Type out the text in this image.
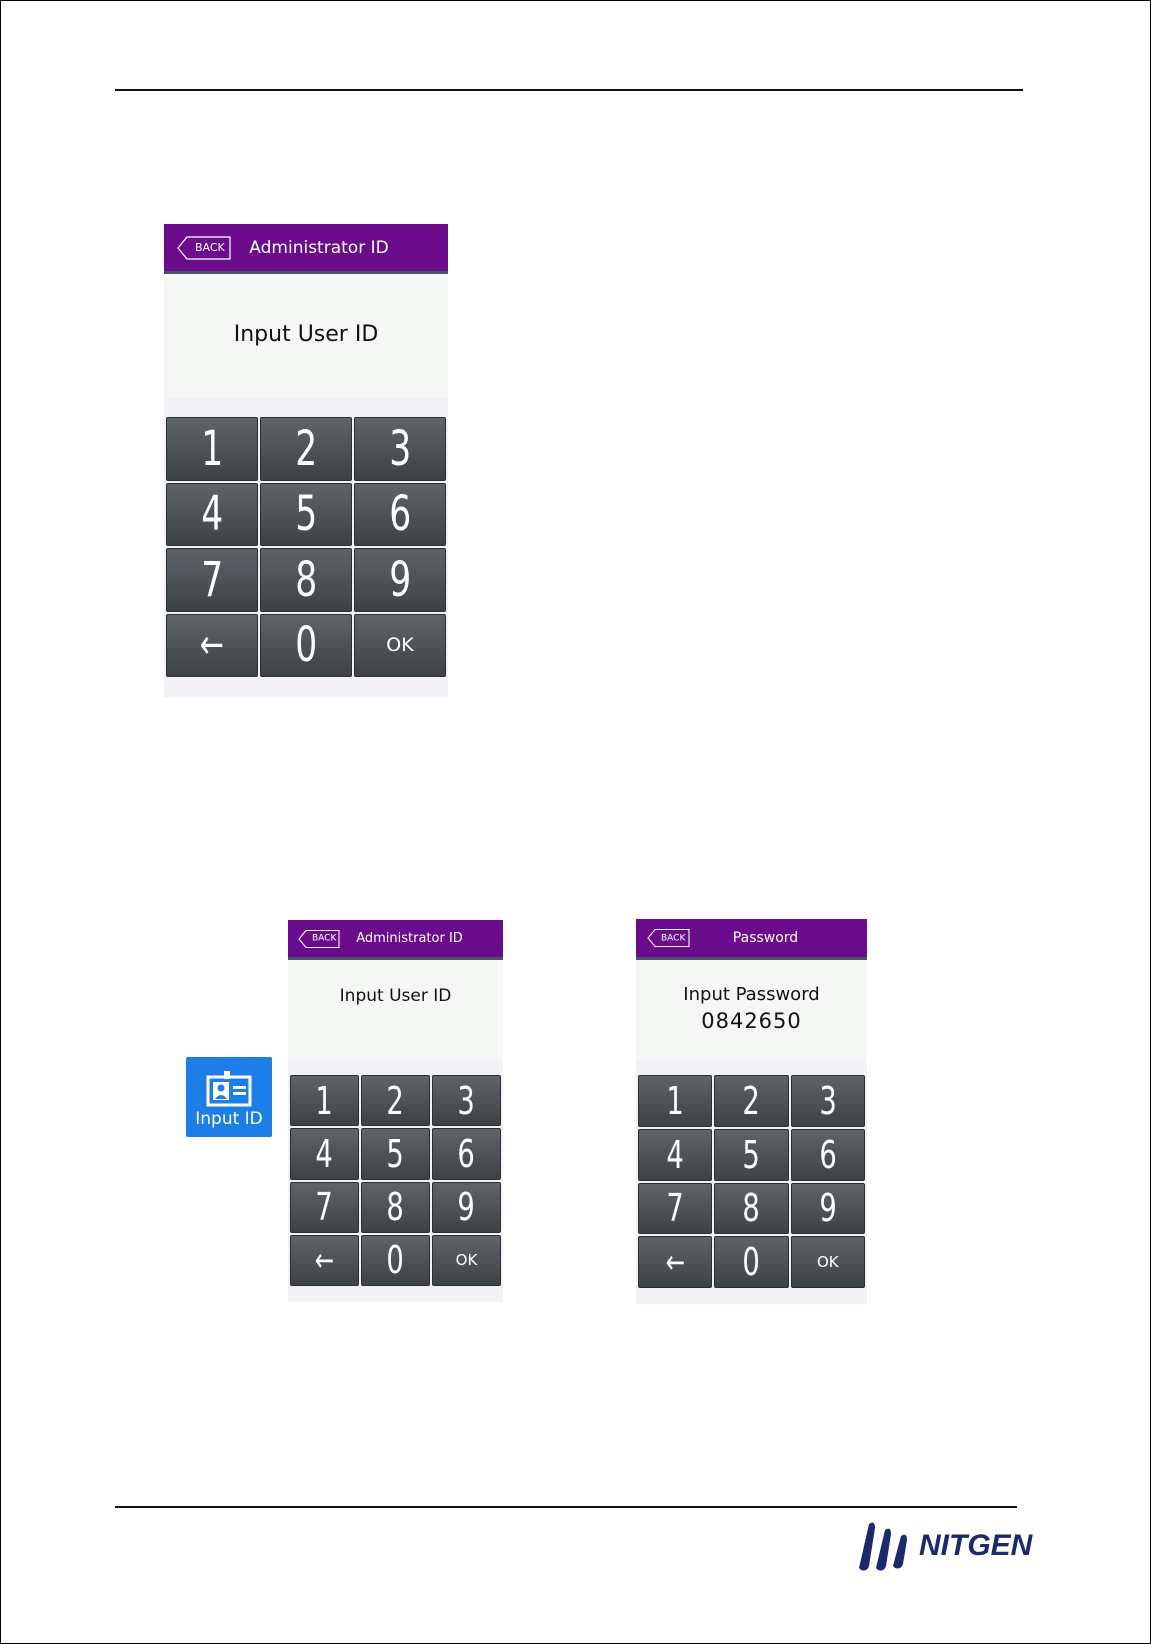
BACK Administrator ID
Input User ID
1 2 3
4 5 6
7 8 9
← 0	OK
Input ID
BACK Administrator ID
Input User ID
1 2 3
4 5 6
7 8 9
← 0	OK
BACK	Password
Input Password
0842650
1 2 3
4 5 6
7 8 9
← 0	OK
NITGEN
